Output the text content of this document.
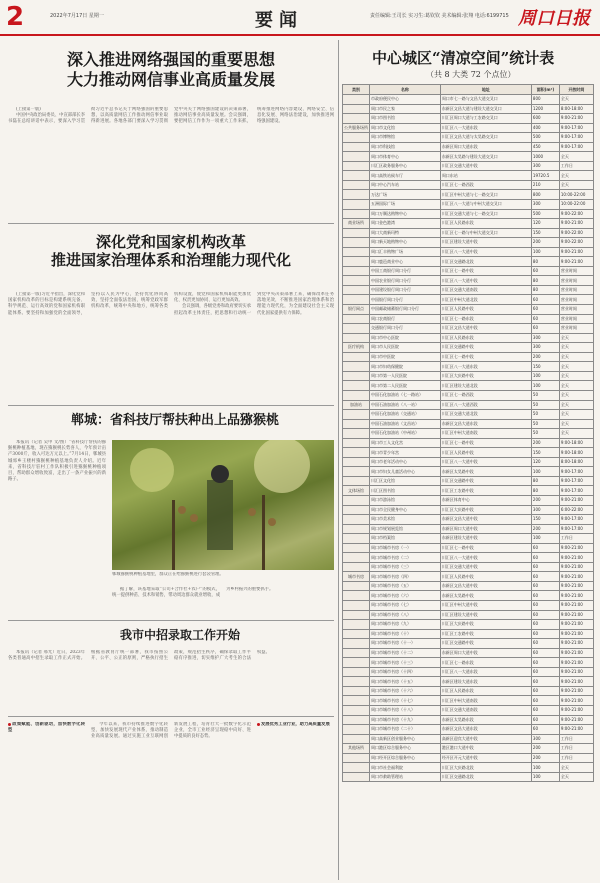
2	2022年7月17日 星期一	要闻	责任编辑:王司长 实习生:葛钦钦 美术编辑:张翔 电话:6199715 周口日报
深入推进网络强国的重要思想
大力推动网信事业高质量发展

(上接第一版)

中国中央政治局委员、中宣部部长李书磊在总结讲话中表示，要深入学习贯彻习近平总书记关于网络强国的重要思想，以高质量网信工作推动网信事业取得新进展。各地各部门要深入学习贯彻党中央关于网络强国建设的决策部署，推动网信事业高质量发展。会议强调，要把网信工作作为一项重大工作来抓，统筹推进网络内容建设、网络安全、信息化发展、网络法治建设，加快推进网络强国建设。

深化党和国家机构改革
推进国家治理体系和治理能力现代化

(上接第一版)习近平指出，深化党和国家机构改革的目标是构建系统完备、科学规范、运行高效的党和国家机构职能体系。要坚持和加强党的全面领导，坚持以人民为中心，坚持优化协同高效，坚持全面依法治国，统筹党政军群机构改革，统筹中央和地方，统筹各类机构设置，使党和国家机构职能更加优化、权责更加协同、运行更加高效。

会议强调，各级党委和政府要切实承担起改革主体责任，把思想和行动统一到党中央决策部署上来，确保改革任务落地见效，不断推进国家治理体系和治理能力现代化，为全面建设社会主义现代化国家提供有力保障。

郸城：省科技厅帮扶种出上品猕猴桃

本报讯（记者 吴申 文/图）“省科技厅帮扶的猕猴桃种植基地，现在猕猴桃长势喜人，今年预计亩产3000斤，收入可达万元以上。”7月14日，郸城县城郊乡王楼村猕猴桃种植基地负责人介绍。近年来，省科技厅驻村工作队积极引进猕猴桃种植项目，帮助群众增收致富，走出了一条产业振兴的新路子。

郸城猕猴桃种植基地里，群众正在给猕猴桃进行套袋管理。

据了解，该基地采取“公司+合作社+农户”的模式，统一提供种苗、技术和销售，带动周边群众就业增收，成为乡村振兴的重要抓手。

我市中招录取工作开始

本报讯（记者 邢光）近日，2023年各类普通高中招生录取工作正式开始。根据省教育厅统一部署，我市按照公开、公平、公正的原则，严格执行招生政策，规范招生秩序，确保录取工作平稳有序推进，切实维护广大考生的合法权益。

政策赋能、创新驱动，加快数字化转型

今年以来，我市持续推进数字化转型，加快发展现代产业体系，推动制造业高质量发展。通过实施工业互联网创新发展工程，培育壮大一批数字化示范企业，全市工业经济呈现稳中向好、进中提质的良好态势。

发展优秀工业行业，助力高质量发展

中心城区“清凉空间”统计表
（共 8 大类 72 个点位）
类别	名称	地址	面积(m²)	开放时间
	市政府便民中心	周口市七一路与文昌大道交叉口	800	全天
	周口市民之家	东新区文昌大道与建设大道交叉口	1200	8:00-18:00
	周口市图书馆	川汇区周口大道与工农路交叉口	600	9:00-21:00
公共服务场所	周口市文化馆	川汇区八一大道东段	400	9:00-17:00
	周口市博物馆	川汇区文昌大道与太昊路交叉口	500	9:00-17:00
	周口市科技馆	东新区周口大道东段	450	9:00-17:00
	周口市体育中心	东新区太昊路与建设大道交叉口	1000	全天
	川汇区政务服务中心	川汇区交通大道中段	300	工作日
	周口高铁站候车厅	周口东站	19720.5	全天
	周口中心汽车站	川汇区七一路西段	210	全天
	万达广场	川汇区中州大道与七一路交叉口	800	10:00-22:00
	五洲国际广场	川汇区八一大道与中州大道交叉口	300	10:00-22:00
	周口万顺达购物中心	川汇区交通大道与七一路交叉口	500	9:00-22:00
商业场所	周口金色港湾	川汇区人民路东段	120	9:00-21:00
	周口大商新玛特	川汇区七一路与中州大道交叉口	150	9:00-22:00
	周口新天地购物中心	川汇区建设大道中段	200	9:00-22:00
	周口汇丰购物广场	川汇区八一大道中段	100	9:00-21:00
	周口鹿邑商业中心	川汇区交通路北段	80	9:00-21:00
	中国工商银行周口分行	川汇区七一路中段	60	营业时间
	中国农业银行周口分行	川汇区八一大道中段	80	营业时间
	中国建设银行周口分行	川汇区交通大道南段	80	营业时间
	中国银行周口分行	川汇区中州大道北段	60	营业时间
银行网点	中国邮政储蓄银行周口分行	川汇区人民路中段	60	营业时间
	周口农商银行	川汇区七一路东段	60	营业时间
	交通银行周口分行	川汇区文昌大道中段	60	营业时间
	周口市中心医院	川汇区人民路东段	300	全天
医疗机构	周口市人民医院	川汇区交通路中段	300	全天
	周口市中医院	川汇区七一路中段	200	全天
	周口市妇幼保健院	川汇区八一大道东段	150	全天
	周口市第一人民医院	川汇区大庆路中段	100	全天
	周口市第二人民医院	川汇区建设大道北段	100	全天
	中国石化加油站（七一路站）	川汇区七一路西段	50	全天
加油站	中国石油加油站（八一站）	川汇区八一大道西段	50	全天
	中国石化加油站（交通站）	川汇区交通大道北段	50	全天
	中国石油加油站（文昌站）	东新区文昌大道东段	50	全天
	中国石化加油站（中州站）	川汇区中州大道南段	50	全天
	周口市工人文化宫	川汇区七一路中段	200	9:00-18:00
	周口市青少年宫	川汇区人民路中段	150	9:00-18:00
	周口市老年活动中心	川汇区八一大道中段	120	8:00-18:00
	周口市妇女儿童活动中心	东新区太昊路中段	100	9:00-17:00
	川汇区文化馆	川汇区交通路中段	80	9:00-17:00
文体场馆	川汇区图书馆	川汇区工农路中段	80	9:00-17:00
	周口市游泳馆	东新区体育中心	200	9:00-21:00
	周口市全民健身中心	川汇区大庆路中段	300	6:00-22:00
	周口市美术馆	东新区文昌大道中段	150	9:00-17:00
	周口市规划展览馆	东新区周口大道中段	200	9:00-17:00
	周口市档案馆	东新区建设大道中段	100	工作日
	周口市城市书房（一）	川汇区七一路中段	60	9:00-21:00
	周口市城市书房（二）	川汇区八一大道中段	60	9:00-21:00
	周口市城市书房（三）	川汇区交通大道中段	60	9:00-21:00
城市书房	周口市城市书房（四）	川汇区人民路中段	60	9:00-21:00
	周口市城市书房（五）	东新区文昌大道中段	60	9:00-21:00
	周口市城市书房（六）	东新区太昊路中段	60	9:00-21:00
	周口市城市书房（七）	川汇区中州大道中段	60	9:00-21:00
	周口市城市书房（八）	川汇区建设大道中段	60	9:00-21:00
	周口市城市书房（九）	川汇区大庆路中段	60	9:00-21:00
	周口市城市书房（十）	川汇区工农路中段	60	9:00-21:00
	周口市城市书房（十一）	川汇区交通路中段	60	9:00-21:00
	周口市城市书房（十二）	东新区周口大道中段	60	9:00-21:00
	周口市城市书房（十三）	川汇区七一路东段	60	9:00-21:00
	周口市城市书房（十四）	川汇区八一大道东段	60	9:00-21:00
	周口市城市书房（十五）	东新区建设大道东段	60	9:00-21:00
	周口市城市书房（十六）	川汇区人民路东段	60	9:00-21:00
	周口市城市书房（十七）	川汇区中州大道南段	60	9:00-21:00
	周口市城市书房（十八）	川汇区交通大道南段	60	9:00-21:00
	周口市城市书房（十九）	东新区太昊路东段	60	9:00-21:00
	周口市城市书房（二十）	东新区文昌大道东段	60	9:00-21:00
	周口高新区创业服务中心	高新区迎宾大道中段	300	工作日
其他场所	周口港区综合服务中心	港区港口大道中段	200	工作日
	周口经开区综合服务中心	经开区开元大道中段	200	工作日
	周口市社会福利院	川汇区大庆路北段	100	全天
	周口市救助管理站	川汇区交通路北段	100	全天
